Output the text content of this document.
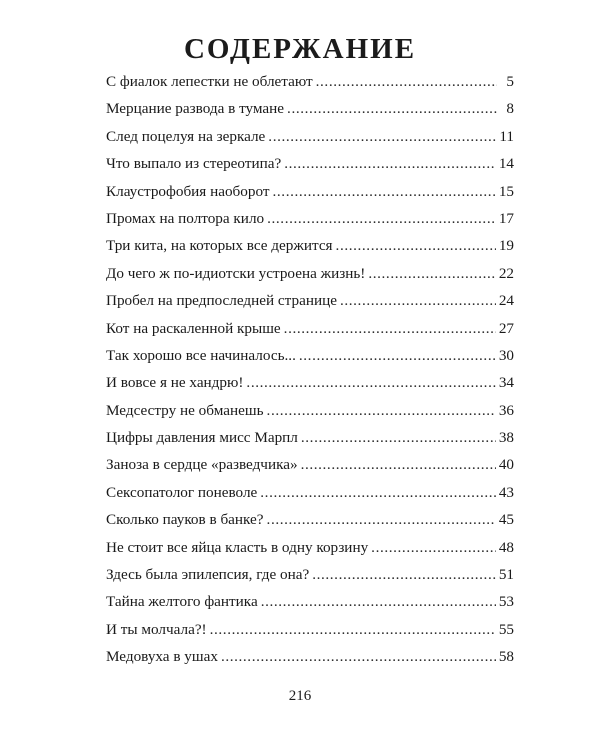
СОДЕРЖАНИЕ
С фиалок лепестки не облетают . . .	5
Мерцание развода в тумане . . .	8
След поцелуя на зеркале . . .	11
Что выпало из стереотипа? . . .	14
Клаустрофобия наоборот . . .	15
Промах на полтора кило . . .	17
Три кита, на которых все держится . . .	19
До чего ж по-идиотски устроена жизнь! . . .	22
Пробел на предпоследней странице . . .	24
Кот на раскаленной крыше . . .	27
Так хорошо все начиналось... . . .	30
И вовсе я не хандрю! . . .	34
Медсестру не обманешь . . .	36
Цифры давления мисс Марпл . . .	38
Заноза в сердце «разведчика» . . .	40
Сексопатолог поневоле . . .	43
Сколько пауков в банке? . . .	45
Не стоит все яйца класть в одну корзину . . .	48
Здесь была эпилепсия, где она? . . .	51
Тайна желтого фантика . . .	53
И ты молчала?! . . .	55
Медовуха в ушах . . .	58
216
